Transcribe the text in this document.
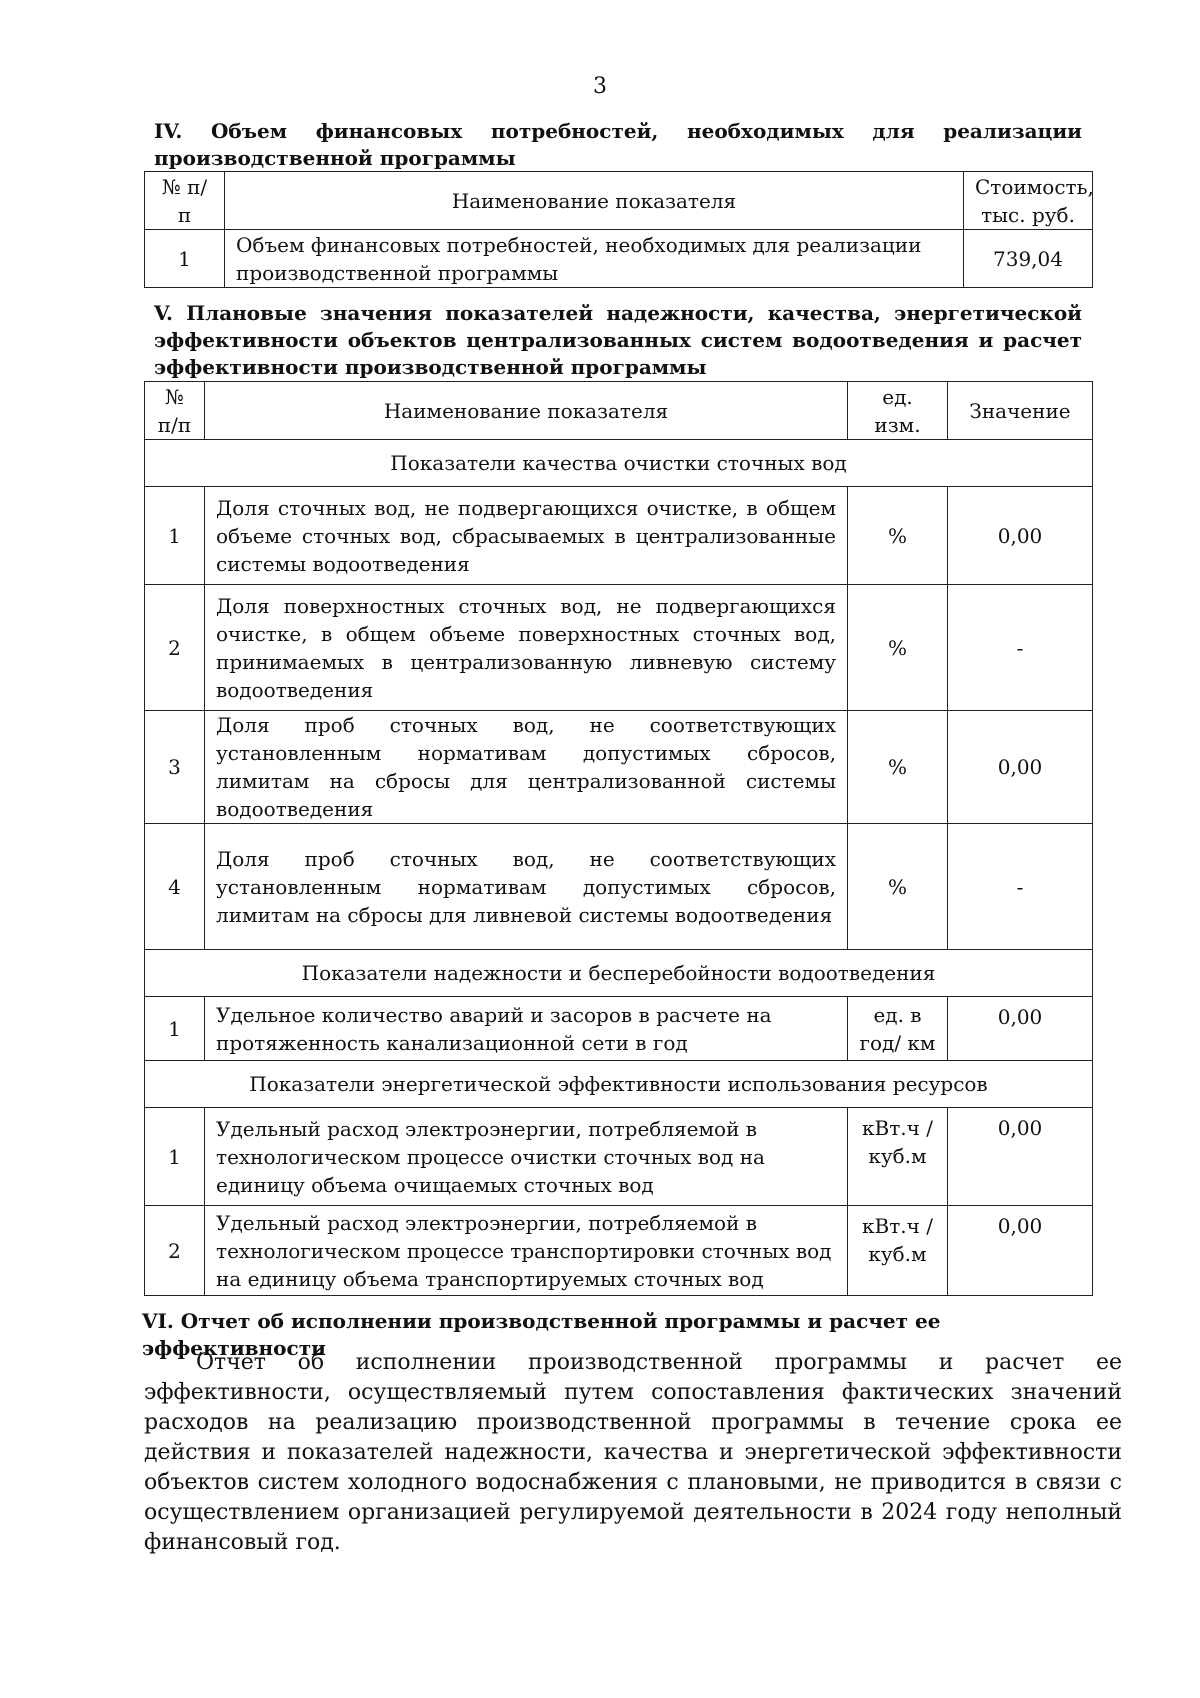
3
IV. Объем финансовых потребностей, необходимых для реализации
производственной программы
№ п/п	Наименование показателя	Стоимость, тыс. руб.
1	Объем финансовых потребностей, необходимых для реализации производственной программы	739,04
V. Плановые значения показателей надежности, качества, энергетической
эффективности объектов централизованных систем водоотведения и расчет
эффективности производственной программы
№ п/п	Наименование показателя	ед. изм.	Значение
Показатели качества очистки сточных вод			
1	Доля сточных вод, не подвергающихся очистке, в общем объеме сточных вод, сбрасываемых в централизованные системы водоотведения	%	0,00
2	Доля поверхностных сточных вод, не подвергающихся очистке, в общем объеме поверхностных сточных вод, принимаемых в централизованную ливневую систему водоотведения	%	-
3	Доля проб сточных вод, не соответствующих установленным нормативам допустимых сбросов, лимитам на сбросы для централизованной системы водоотведения	%	0,00
4	Доля проб сточных вод, не соответствующих установленным нормативам допустимых сбросов, лимитам на сбросы для ливневой системы водоотведения	%	-
Показатели надежности и бесперебойности водоотведения			
1	Удельное количество аварий и засоров в расчете на протяженность канализационной сети в год	ед. в год/ км	0,00
Показатели энергетической эффективности использования ресурсов			
1	Удельный расход электроэнергии, потребляемой в технологическом процессе очистки сточных вод на единицу объема очищаемых сточных вод	кВт.ч / куб.м	0,00
2	Удельный расход электроэнергии, потребляемой в технологическом процессе транспортировки сточных вод на единицу объема транспортируемых сточных вод	кВт.ч / куб.м	0,00
VI. Отчет об исполнении производственной программы и расчет ее эффективности
Отчет об исполнении производственной программы и расчет ее эффективности, осуществляемый путем сопоставления фактических значений расходов на реализацию производственной программы в течение срока ее действия и показателей надежности, качества и энергетической эффективности объектов систем холодного водоснабжения с плановыми, не приводится в связи с осуществлением организацией регулируемой деятельности в 2024 году неполный финансовый год.
